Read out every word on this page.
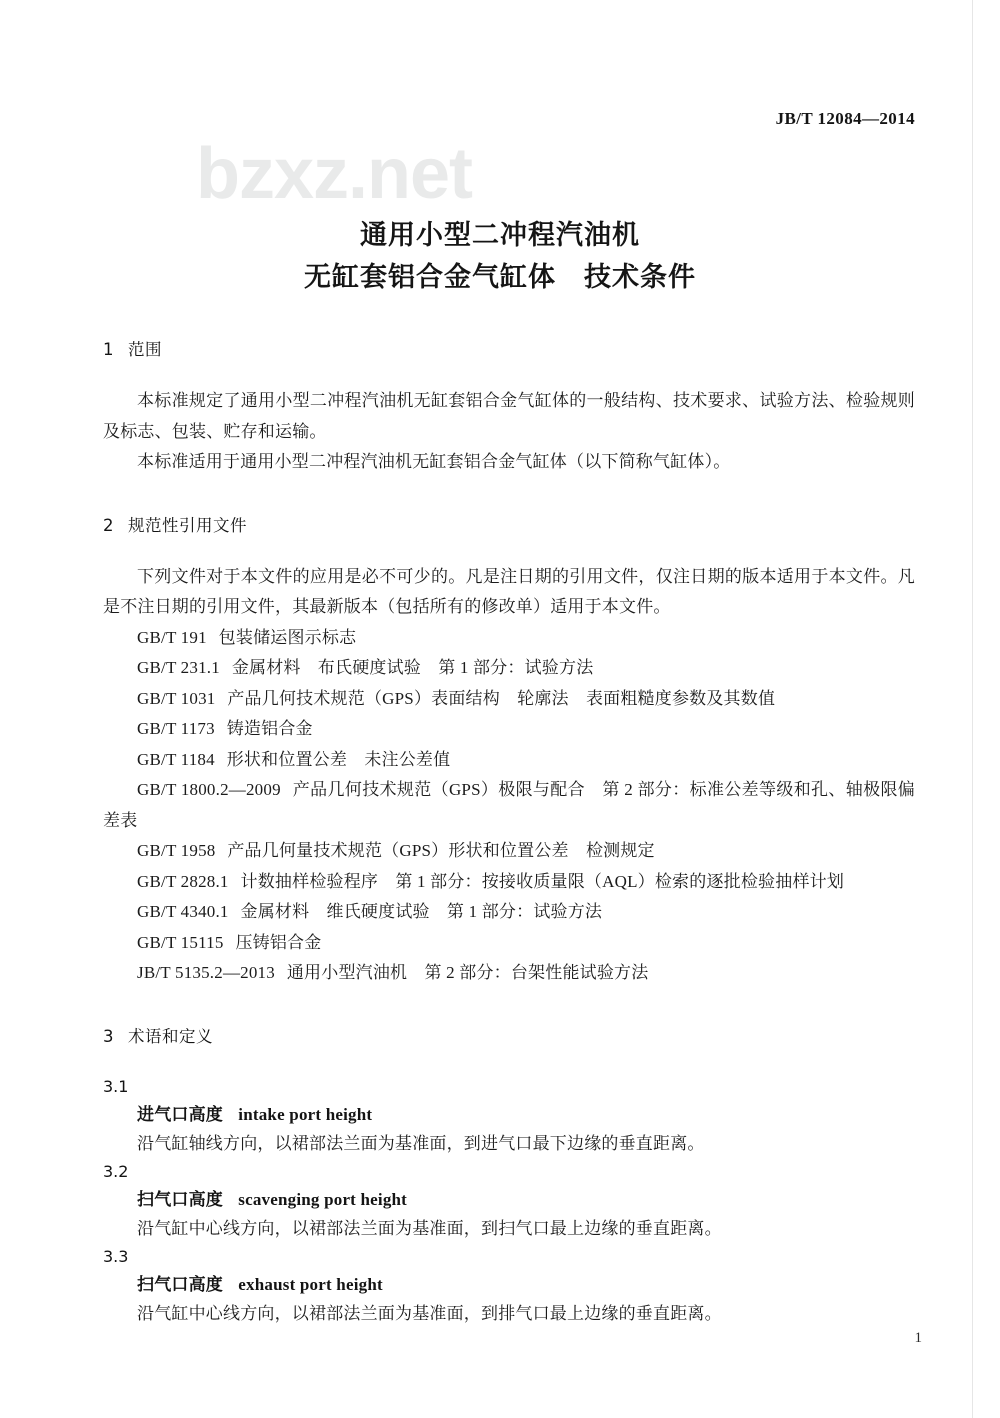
JB/T 12084—2014
bzxz.net
通用小型二冲程汽油机
无缸套铝合金气缸体　技术条件
1 范围

本标准规定了通用小型二冲程汽油机无缸套铝合金气缸体的一般结构、技术要求、试验方法、检验规则及标志、包装、贮存和运输。

本标准适用于通用小型二冲程汽油机无缸套铝合金气缸体（以下简称气缸体）。

2 规范性引用文件

下列文件对于本文件的应用是必不可少的。凡是注日期的引用文件，仅注日期的版本适用于本文件。凡是不注日期的引用文件，其最新版本（包括所有的修改单）适用于本文件。

GB/T 191 包装储运图示标志
GB/T 231.1 金属材料　布氏硬度试验　第 1 部分：试验方法
GB/T 1031 产品几何技术规范（GPS）表面结构　轮廓法　表面粗糙度参数及其数值
GB/T 1173 铸造铝合金
GB/T 1184 形状和位置公差　未注公差值
GB/T 1800.2—2009 产品几何技术规范（GPS）极限与配合　第 2 部分：标准公差等级和孔、轴极限偏差表
GB/T 1958 产品几何量技术规范（GPS）形状和位置公差　检测规定
GB/T 2828.1 计数抽样检验程序　第 1 部分：按接收质量限（AQL）检索的逐批检验抽样计划
GB/T 4340.1 金属材料　维氏硬度试验　第 1 部分：试验方法
GB/T 15115 压铸铝合金
JB/T 5135.2—2013 通用小型汽油机　第 2 部分：台架性能试验方法
3 术语和定义
3.1
进气口高度 intake port height
沿气缸轴线方向，以裙部法兰面为基准面，到进气口最下边缘的垂直距离。
3.2
扫气口高度 scavenging port height
沿气缸中心线方向，以裙部法兰面为基准面，到扫气口最上边缘的垂直距离。
3.3
扫气口高度 exhaust port height
沿气缸中心线方向，以裙部法兰面为基准面，到排气口最上边缘的垂直距离。
1
